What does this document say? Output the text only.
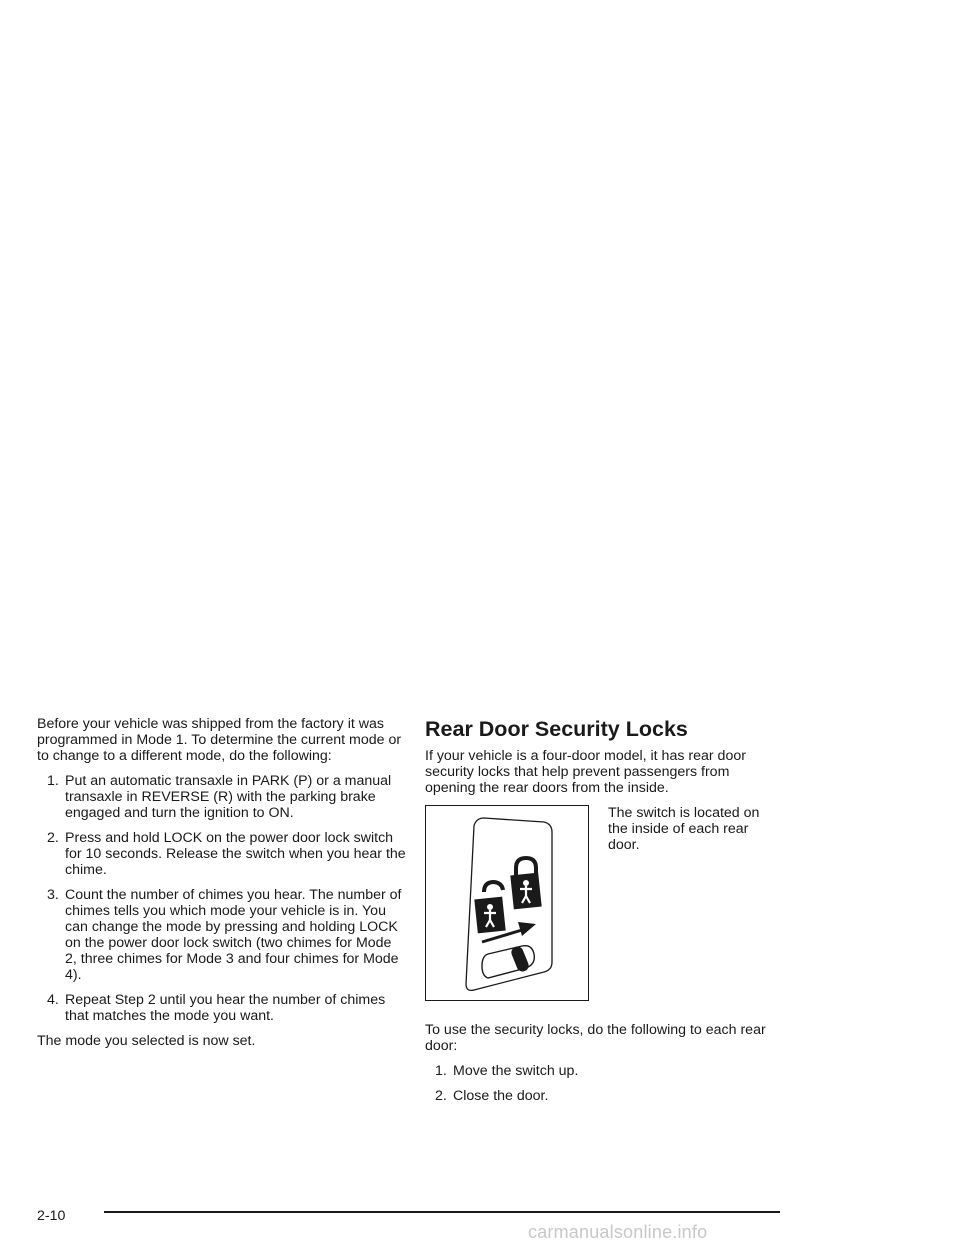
Before your vehicle was shipped from the factory it was programmed in Mode 1. To determine the current mode or to change to a different mode, do the following:

1. Put an automatic transaxle in PARK (P) or a manual transaxle in REVERSE (R) with the parking brake engaged and turn the ignition to ON.
2. Press and hold LOCK on the power door lock switch for 10 seconds. Release the switch when you hear the chime.
3. Count the number of chimes you hear. The number of chimes tells you which mode your vehicle is in. You can change the mode by pressing and holding LOCK on the power door lock switch (two chimes for Mode 2, three chimes for Mode 3 and four chimes for Mode 4).
4. Repeat Step 2 until you hear the number of chimes that matches the mode you want.

The mode you selected is now set.

Rear Door Security Locks

If your vehicle is a four-door model, it has rear door security locks that help prevent passengers from opening the rear doors from the inside.

The switch is located on the inside of each rear door.

To use the security locks, do the following to each rear door:

1. Move the switch up.
2. Close the door.
2-10
carmanualsonline.info
